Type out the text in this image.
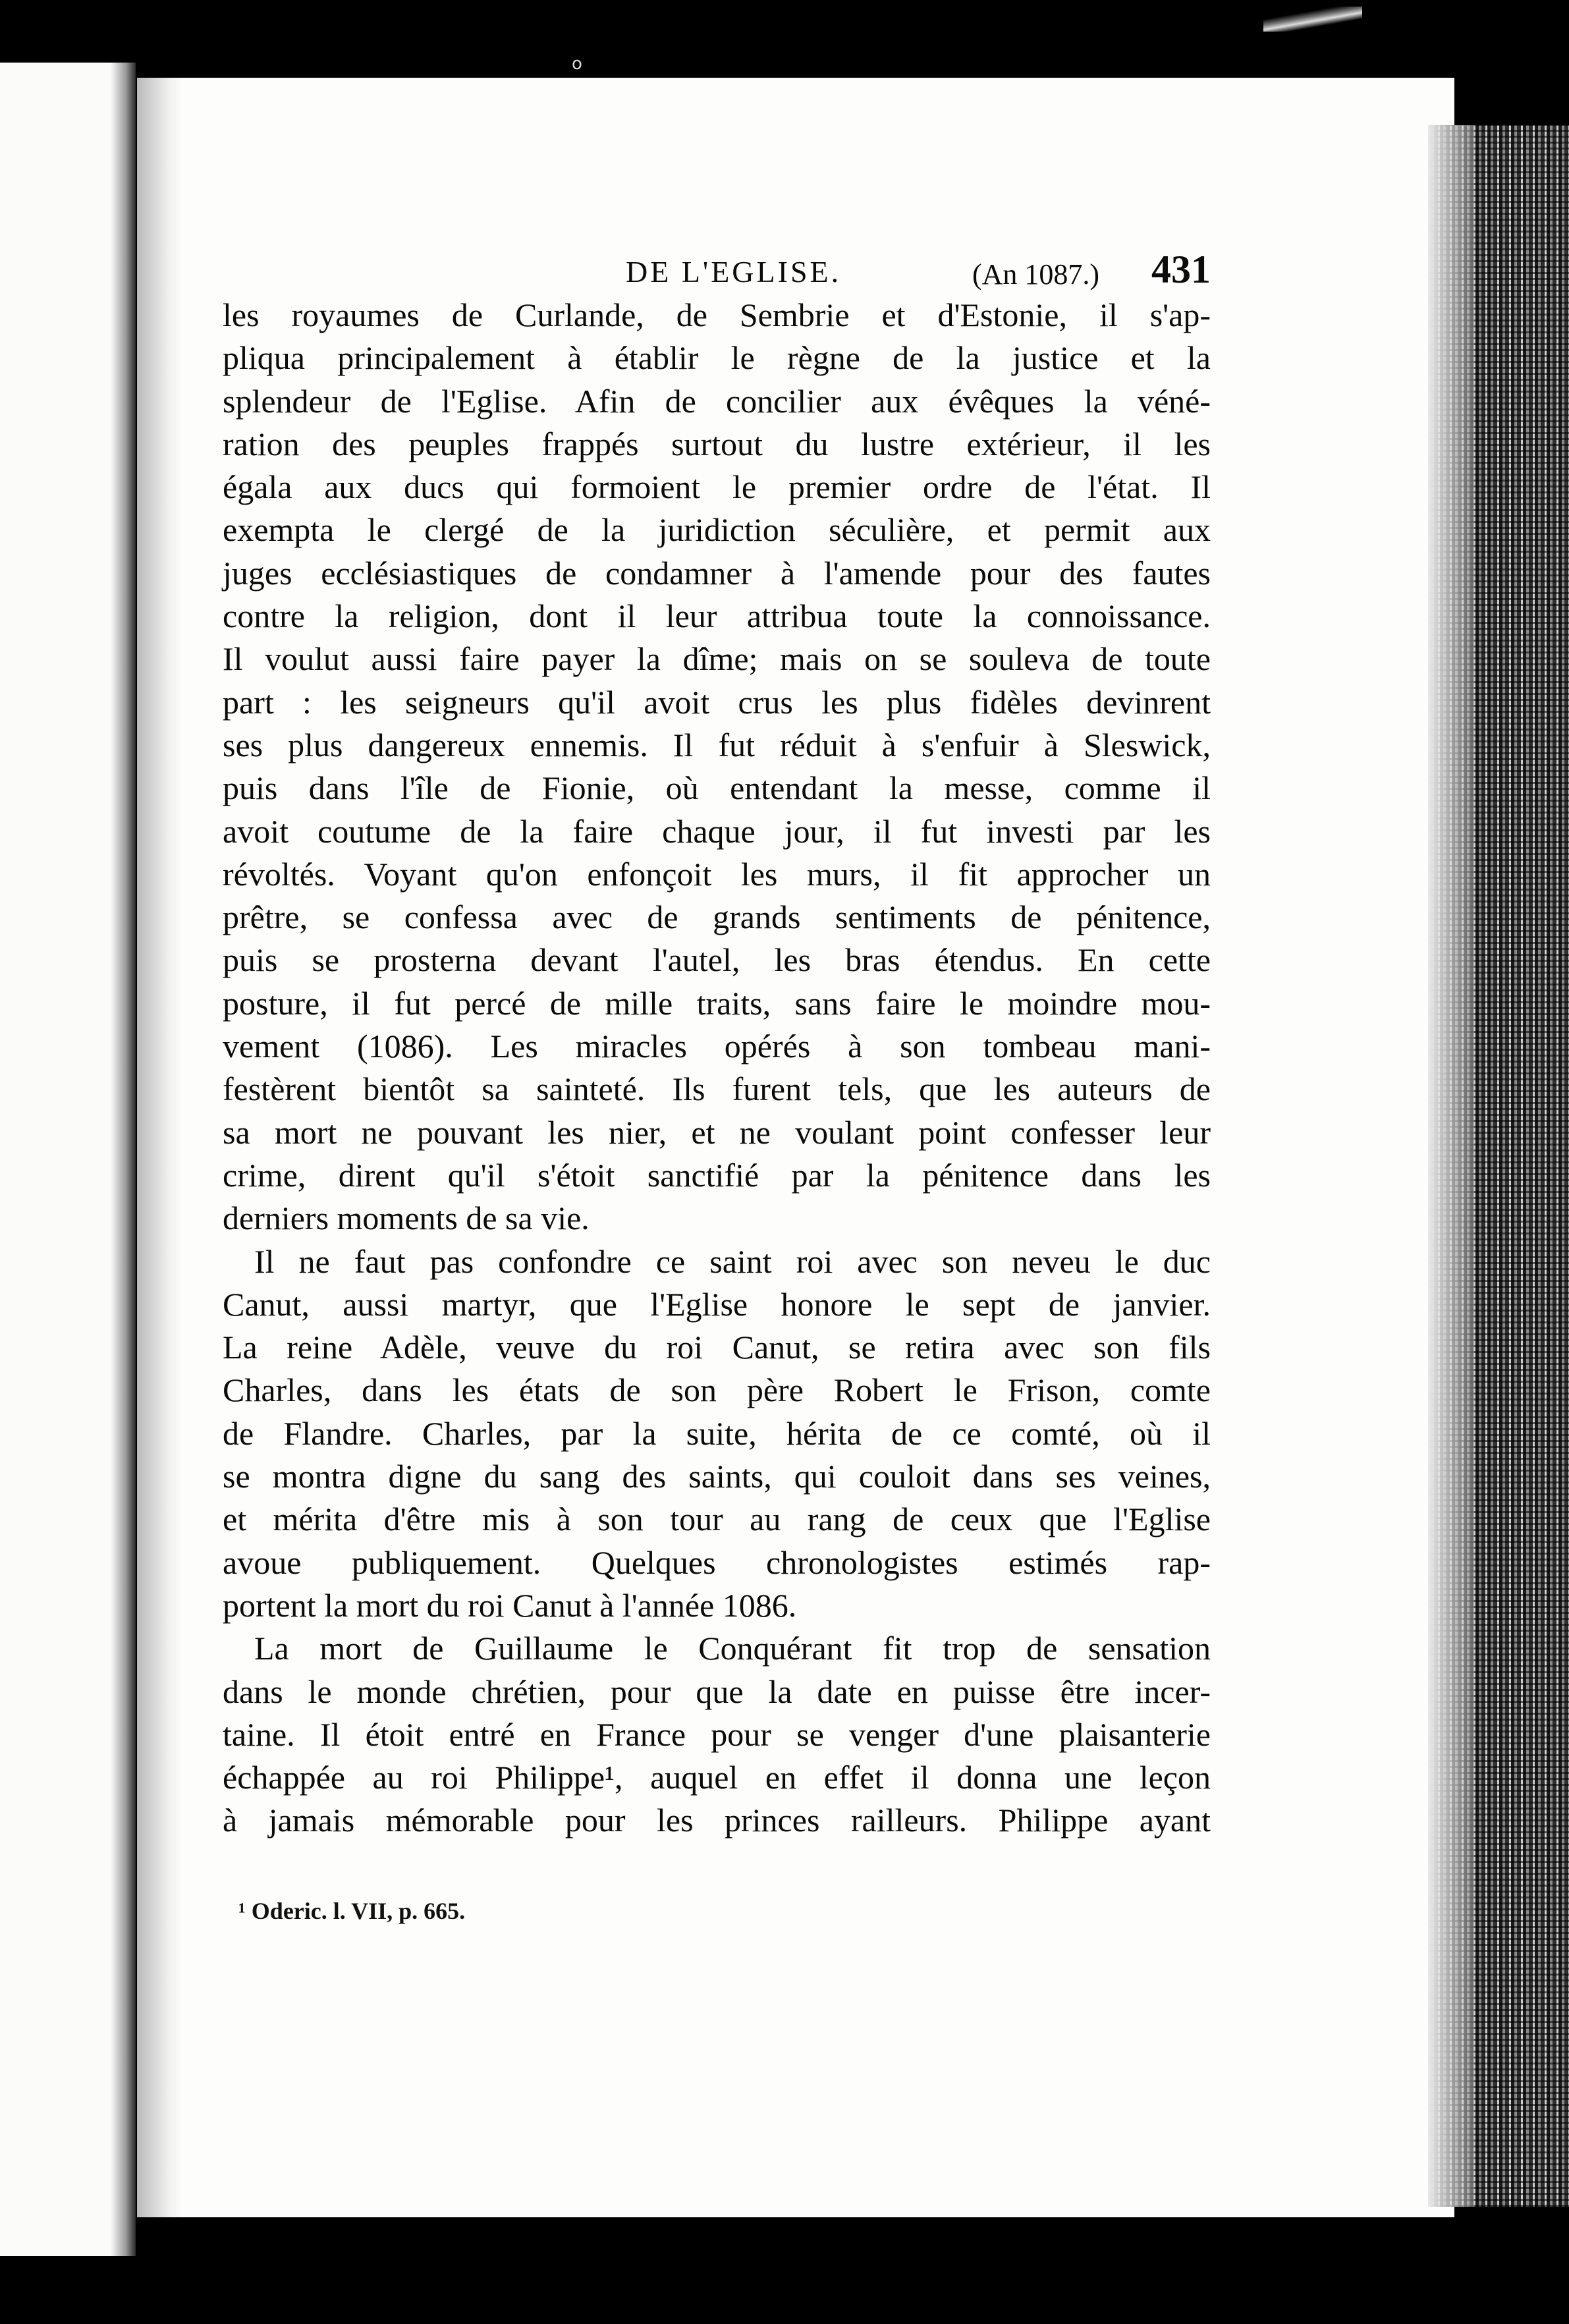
o
DE L'EGLISE.	(An 1087.) 431
les royaumes de Curlande, de Sembrie et d'Estonie, il s'ap-
pliqua principalement à établir le règne de la justice et la
splendeur de l'Eglise. Afin de concilier aux évêques la véné-
ration des peuples frappés surtout du lustre extérieur, il les
égala aux ducs qui formoient le premier ordre de l'état. Il
exempta le clergé de la juridiction séculière, et permit aux
juges ecclésiastiques de condamner à l'amende pour des fautes
contre la religion, dont il leur attribua toute la connoissance.
Il voulut aussi faire payer la dîme; mais on se souleva de toute
part : les seigneurs qu'il avoit crus les plus fidèles devinrent
ses plus dangereux ennemis. Il fut réduit à s'enfuir à Sleswick,
puis dans l'île de Fionie, où entendant la messe, comme il
avoit coutume de la faire chaque jour, il fut investi par les
révoltés. Voyant qu'on enfonçoit les murs, il fit approcher un
prêtre, se confessa avec de grands sentiments de pénitence,
puis se prosterna devant l'autel, les bras étendus. En cette
posture, il fut percé de mille traits, sans faire le moindre mou-
vement (1086). Les miracles opérés à son tombeau mani-
festèrent bientôt sa sainteté. Ils furent tels, que les auteurs de
sa mort ne pouvant les nier, et ne voulant point confesser leur
crime, dirent qu'il s'étoit sanctifié par la pénitence dans les
derniers moments de sa vie.
Il ne faut pas confondre ce saint roi avec son neveu le duc
Canut, aussi martyr, que l'Eglise honore le sept de janvier.
La reine Adèle, veuve du roi Canut, se retira avec son fils
Charles, dans les états de son père Robert le Frison, comte
de Flandre. Charles, par la suite, hérita de ce comté, où il
se montra digne du sang des saints, qui couloit dans ses veines,
et mérita d'être mis à son tour au rang de ceux que l'Eglise
avoue publiquement. Quelques chronologistes estimés rap-
portent la mort du roi Canut à l'année 1086.
La mort de Guillaume le Conquérant fit trop de sensation
dans le monde chrétien, pour que la date en puisse être incer-
taine. Il étoit entré en France pour se venger d'une plaisanterie
échappée au roi Philippe¹, auquel en effet il donna une leçon
à jamais mémorable pour les princes railleurs. Philippe ayant
¹ Oderic. l. VII, p. 665.
